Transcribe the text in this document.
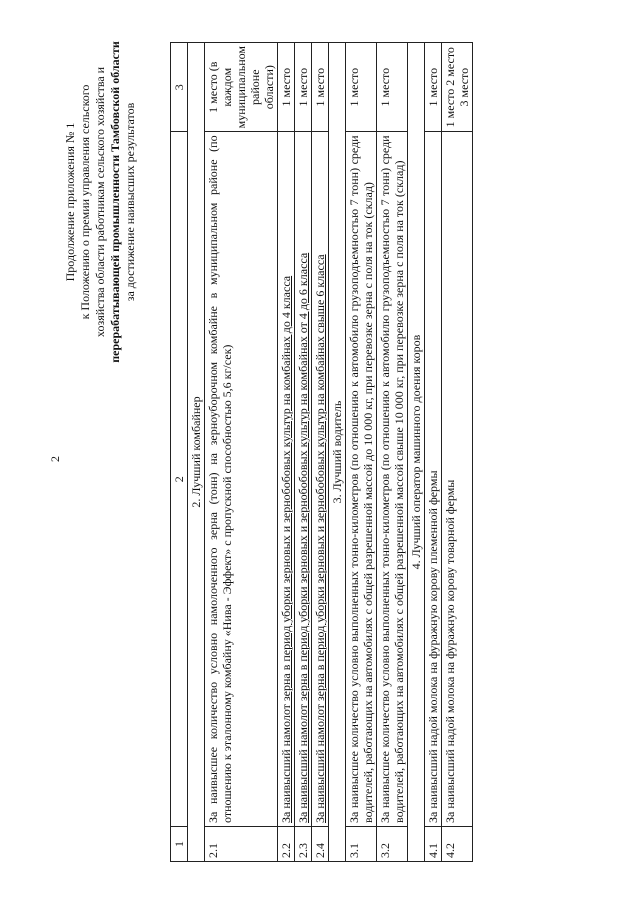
2
Продолжение приложения № 1 к Положению о премии управления сельского хозяйства области работникам сельского хозяйства и перерабатывающей промышленности Тамбовской области за достижение наивысших результатов
1	2	3
2. Лучший комбайнер		
2.1	За наивысшее количество условно намолоченного зерна (тонн) на зерноуборочном комбайне в муниципальном районе (по отношению к эталонному комбайну «Нива - Эффект» с пропускной способностью 5,6 кг/сек)	1 место (в каждом муниципальном районе области)
2.2	За наивысший намолот зерна в период уборки зерновых и зернобобовых культур на комбайнах до 4 класса	1 место
2.3	За наивысший намолот зерна в период уборки зерновых и зернобобовых культур на комбайнах от 4 до 6 класса	1 место
2.4	За наивысший намолот зерна в период уборки зерновых и зернобобовых культур на комбайнах свыше 6 класса	1 место
3. Лучший водитель		
3.1	За наивысшее количество условно выполненных тонно-километров (по отношению к автомобилю грузоподъемностью 7 тонн) среди водителей, работающих на автомобилях с общей разрешенной массой до 10 000 кг, при перевозке зерна с поля на ток (склад)	1 место
3.2	За наивысшее количество условно выполненных тонно-километров (по отношению к автомобилю грузоподъемностью 7 тонн) среди водителей, работающих на автомобилях с общей разрешенной массой свыше 10 000 кг, при перевозке зерна с поля на ток (склад)	1 место
4. Лучший оператор машинного доения коров		
4.1	За наивысший надой молока на фуражную корову племенной фермы	1 место
4.2	За наивысший надой молока на фуражную корову товарной фермы	1 место 2 место 3 место
